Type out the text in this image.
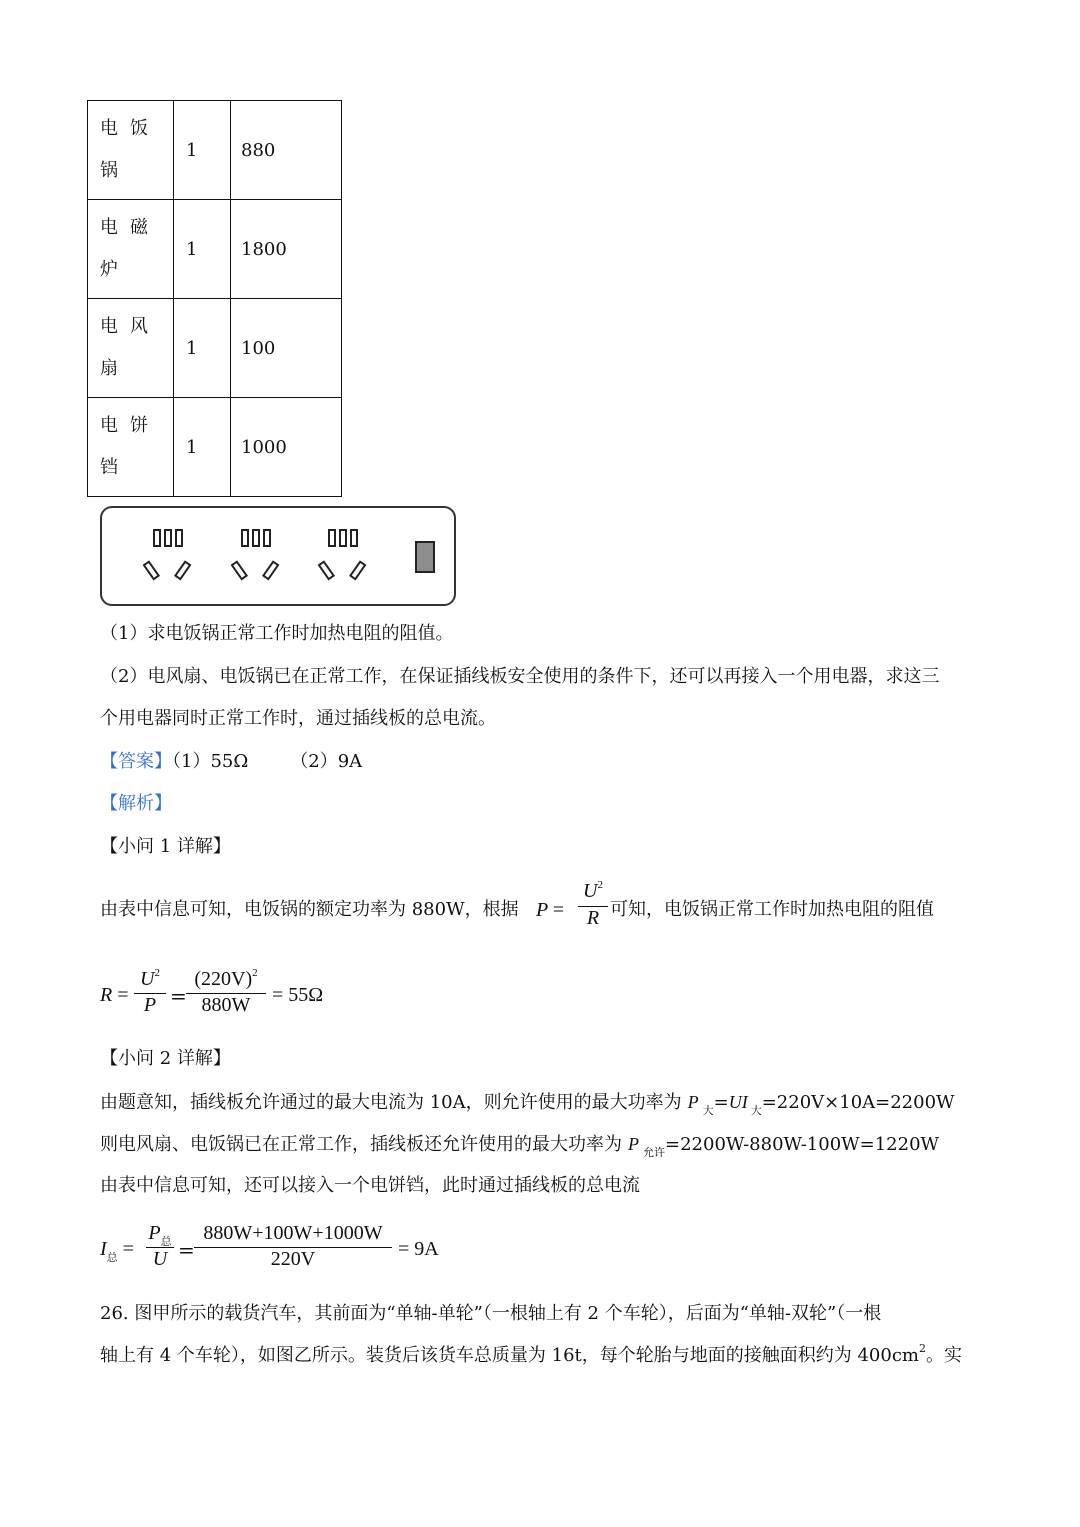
电饭
锅	1	880

电磁
炉	1	1800

电风
扇	1	100

电饼
铛	1	1000
（1）求电饭锅正常工作时加热电阻的阻值。
（2）电风扇、电饭锅已在正常工作，在保证插线板安全使用的条件下，还可以再接入一个用电器，求这三
个用电器同时正常工作时，通过插线板的总电流。
【答案】（1）55Ω （2）9A
【解析】
【小问 1 详解】
由表中信息可知，电饭锅的额定功率为 880W，根据 P =
$U^2$
R 可知，电饭锅正常工作时加热电阻的阻值
R =
$U^2$
P =
$(220V)^2$
880W	= 55Ω
【小问 2 详解】
由题意知，插线板允许通过的最大电流为 10A，则允许使用的最大功率为 P $_大$=UI $_大$=220V×10A=2200W
则电风扇、电饭锅已在正常工作，插线板还允许使用的最大功率为 P $_{允许}$=2200W-880W-100W=1220W
由表中信息可知，还可以接入一个电饼铛，此时通过插线板的总电流
$I_总$ =
$P_总$
U =
880W+100W+1000W
220V	= 9A
26. 图甲所示的载货汽车，其前面为“单轴-单轮”（一根轴上有 2 个车轮），后面为“单轴-双轮”（一根
轴上有 4 个车轮），如图乙所示。装货后该货车总质量为 16t，每个轮胎与地面的接触面积约为 $400cm^2$。实
